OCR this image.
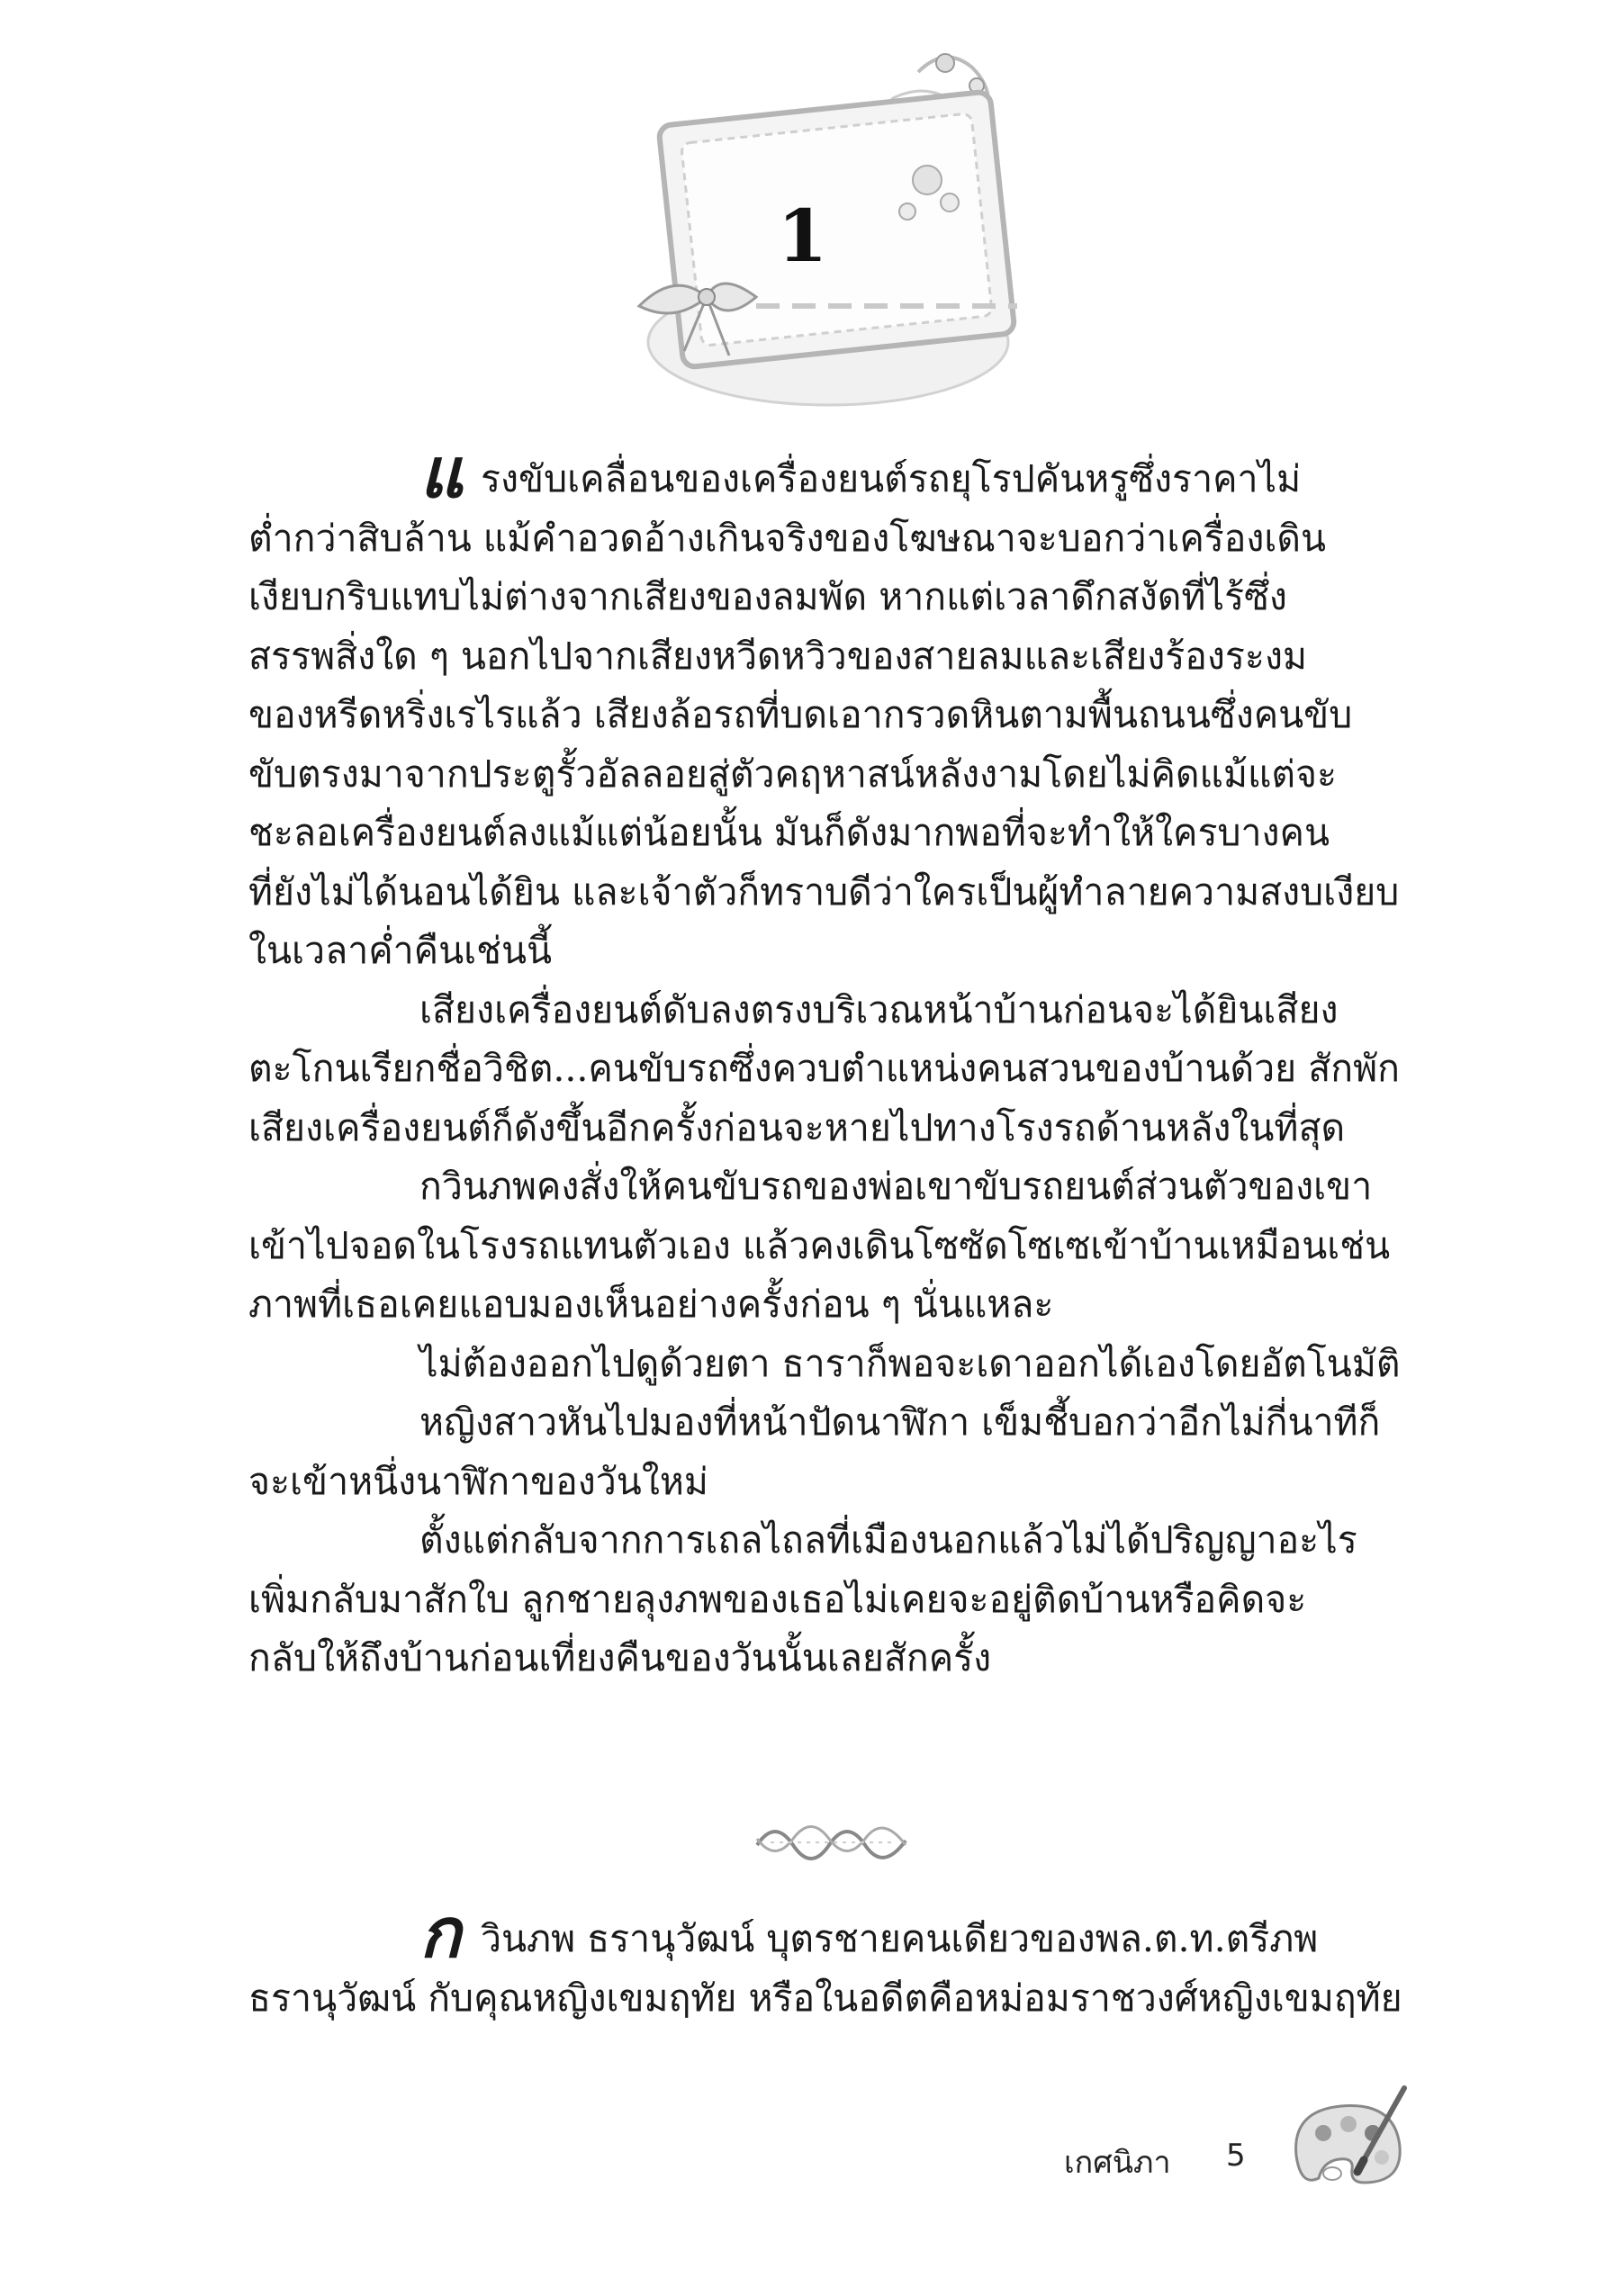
1

แรงขับเคลื่อนของเครื่องยนต์รถยุโรปคันหรูซึ่งราคาไม่

ต่ำกว่าสิบล้าน แม้คำอวดอ้างเกินจริงของโฆษณาจะบอกว่าเครื่องเดิน

เงียบกริบแทบไม่ต่างจากเสียงของลมพัด หากแต่เวลาดึกสงัดที่ไร้ซึ่ง

สรรพสิ่งใด ๆ นอกไปจากเสียงหวีดหวิวของสายลมและเสียงร้องระงม

ของหรีดหริ่งเรไรแล้ว เสียงล้อรถที่บดเอากรวดหินตามพื้นถนนซึ่งคนขับ

ขับตรงมาจากประตูรั้วอัลลอยสู่ตัวคฤหาสน์หลังงามโดยไม่คิดแม้แต่จะ

ชะลอเครื่องยนต์ลงแม้แต่น้อยนั้น มันก็ดังมากพอที่จะทำให้ใครบางคน

ที่ยังไม่ได้นอนได้ยิน และเจ้าตัวก็ทราบดีว่าใครเป็นผู้ทำลายความสงบเงียบ

ในเวลาค่ำคืนเช่นนี้

เสียงเครื่องยนต์ดับลงตรงบริเวณหน้าบ้านก่อนจะได้ยินเสียง

ตะโกนเรียกชื่อวิชิต...คนขับรถซึ่งควบตำแหน่งคนสวนของบ้านด้วย สักพัก

เสียงเครื่องยนต์ก็ดังขึ้นอีกครั้งก่อนจะหายไปทางโรงรถด้านหลังในที่สุด

กวินภพคงสั่งให้คนขับรถของพ่อเขาขับรถยนต์ส่วนตัวของเขา

เข้าไปจอดในโรงรถแทนตัวเอง แล้วคงเดินโซซัดโซเซเข้าบ้านเหมือนเช่น

ภาพที่เธอเคยแอบมองเห็นอย่างครั้งก่อน ๆ นั่นแหละ

ไม่ต้องออกไปดูด้วยตา ธาราก็พอจะเดาออกได้เองโดยอัตโนมัติ

หญิงสาวหันไปมองที่หน้าปัดนาฬิกา เข็มชี้บอกว่าอีกไม่กี่นาทีก็

จะเข้าหนึ่งนาฬิกาของวันใหม่

ตั้งแต่กลับจากการเถลไถลที่เมืองนอกแล้วไม่ได้ปริญญาอะไร

เพิ่มกลับมาสักใบ ลูกชายลุงภพของเธอไม่เคยจะอยู่ติดบ้านหรือคิดจะ

กลับให้ถึงบ้านก่อนเที่ยงคืนของวันนั้นเลยสักครั้ง

กวินภพ ธรานุวัฒน์ บุตรชายคนเดียวของพล.ต.ท.ตรีภพ

ธรานุวัฒน์ กับคุณหญิงเขมฤทัย หรือในอดีตคือหม่อมราชวงศ์หญิงเขมฤทัย

เกศนิภา 5
